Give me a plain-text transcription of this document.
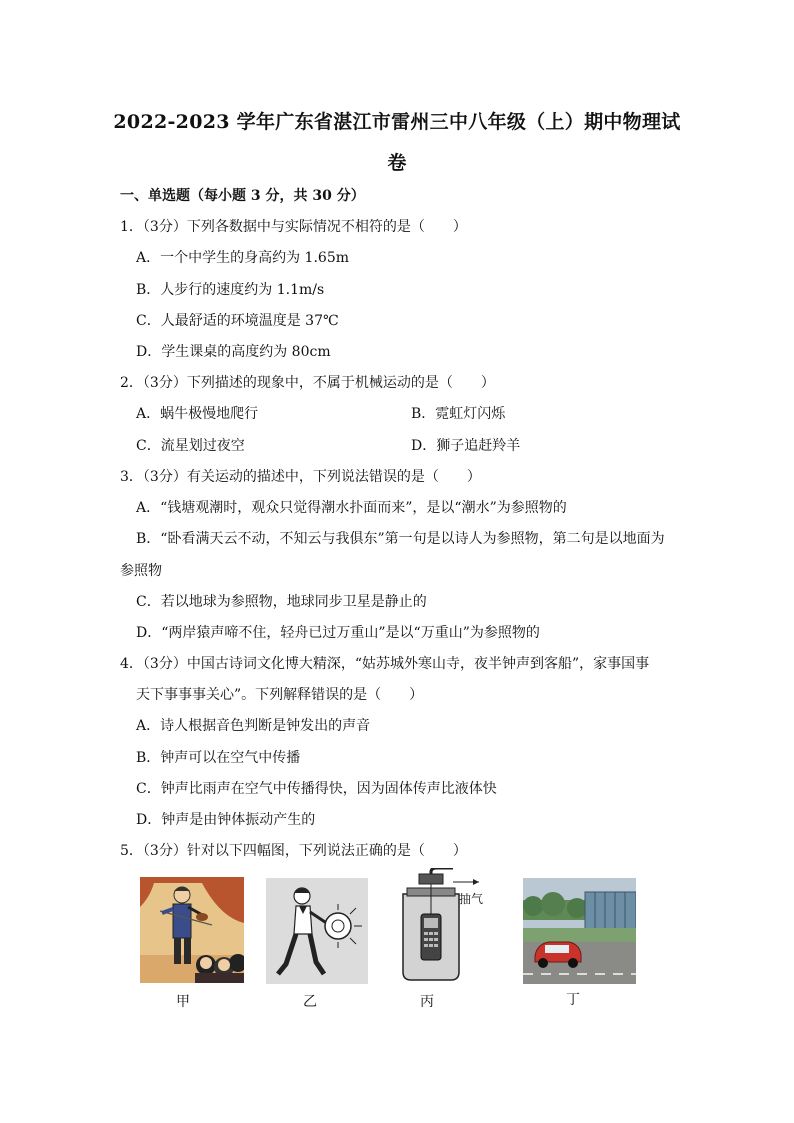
2022-2023 学年广东省湛江市雷州三中八年级（上）期中物理试
卷
一、单选题（每小题 3 分，共 30 分）
1．（3分）下列各数据中与实际情况不相符的是（　　）
A．一个中学生的身高约为 1.65m
B．人步行的速度约为 1.1m/s
C．人最舒适的环境温度是 37℃
D．学生课桌的高度约为 80cm
2．（3分）下列描述的现象中，不属于机械运动的是（　　）
A．蜗牛极慢地爬行	B．霓虹灯闪烁
C．流星划过夜空	D．狮子追赶羚羊
3．（3分）有关运动的描述中，下列说法错误的是（　　）
A．“钱塘观潮时，观众只觉得潮水扑面而来”，是以“潮水”为参照物的
B．“卧看满天云不动，不知云与我俱东”第一句是以诗人为参照物，第二句是以地面为
参照物
C．若以地球为参照物，地球同步卫星是静止的
D．“两岸猿声啼不住，轻舟已过万重山”是以“万重山”为参照物的
4．（3分）中国古诗词文化博大精深，“姑苏城外寒山寺，夜半钟声到客船”，家事国事
天下事事事关心”。下列解释错误的是（　　）
A．诗人根据音色判断是钟发出的声音
B．钟声可以在空气中传播
C．钟声比雨声在空气中传播得快，因为固体传声比液体快
D．钟声是由钟体振动产生的
5．（3分）针对以下四幅图，下列说法正确的是（　　）
抽气
甲	乙	丙	丁
